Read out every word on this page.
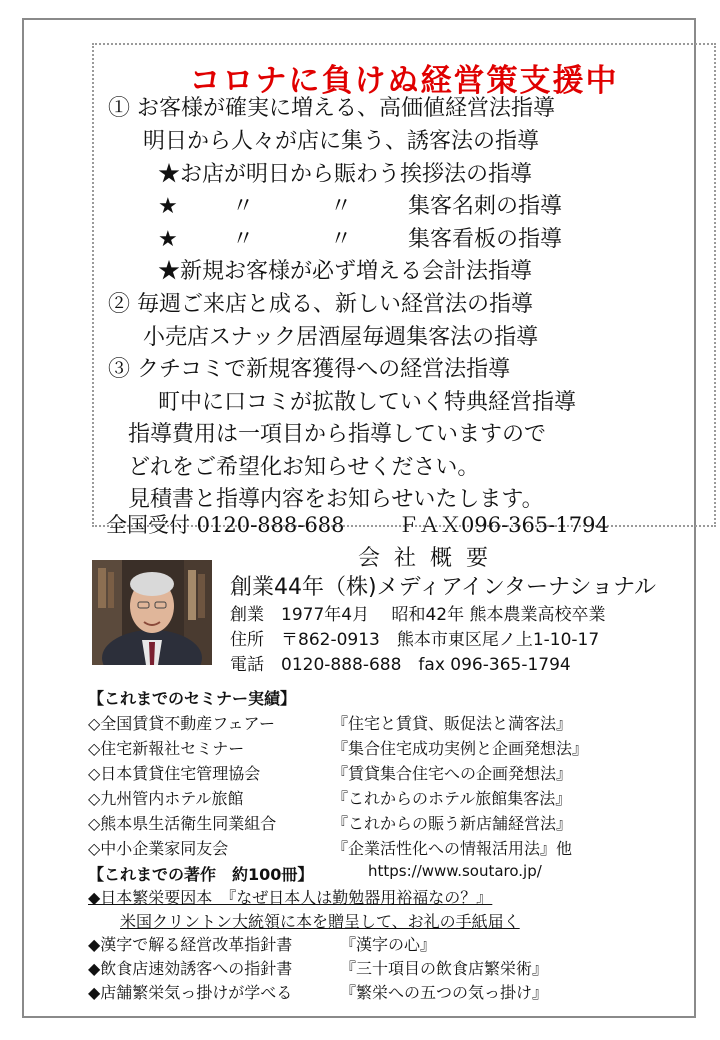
コロナに負けぬ経営策支援中
① お客様が確実に増える、高価値経営法指導
明日から人々が店に集う、誘客法の指導
★お店が明日から賑わう挨拶法の指導
★ 〃	〃	集客名刺の指導
★ 〃	〃	集客看板の指導
★新規お客様が必ず増える会計法指導
② 毎週ご来店と成る、新しい経営法の指導
小売店スナック居酒屋毎週集客法の指導
③ クチコミで新規客獲得への経営法指導
町中に口コミが拡散していく特典経営指導
指導費用は一項目から指導していますので
どれをご希望化お知らせください。
見積書と指導内容をお知らせいたします。
全国受付 0120-888-688	ＦＡＸ096-365-1794
会社概要
創業44年（株)メディアインターナショナル
創業　1977年4月　 昭和42年 熊本農業高校卒業
住所　〒862-0913　熊本市東区尾ノ上1-10-17
電話　0120-888-688　fax 096-365-1794
【これまでのセミナー実績】
◇全国賃貸不動産フェアー	『住宅と賃貸、販促法と満客法』
◇住宅新報社セミナー	『集合住宅成功実例と企画発想法』
◇日本賃貸住宅管理協会	『賃貸集合住宅への企画発想法』
◇九州管内ホテル旅館	『これからのホテル旅館集客法』
◇熊本県生活衛生同業組合	『これからの賑う新店舗経営法』
◇中小企業家同友会	『企業活性化への情報活用法』他
【これまでの著作　約100冊】	https://www.soutaro.jp/
◆日本繁栄要因本　『なぜ日本人は勤勉器用裕福なの？』
米国クリントン大統領に本を贈呈して、お礼の手紙届く
◆漢字で解る経営改革指針書	『漢字の心』
◆飲食店速効誘客への指針書	『三十項目の飲食店繁栄術』
◆店舗繁栄気っ掛けが学べる	『繁栄への五つの気っ掛け』
